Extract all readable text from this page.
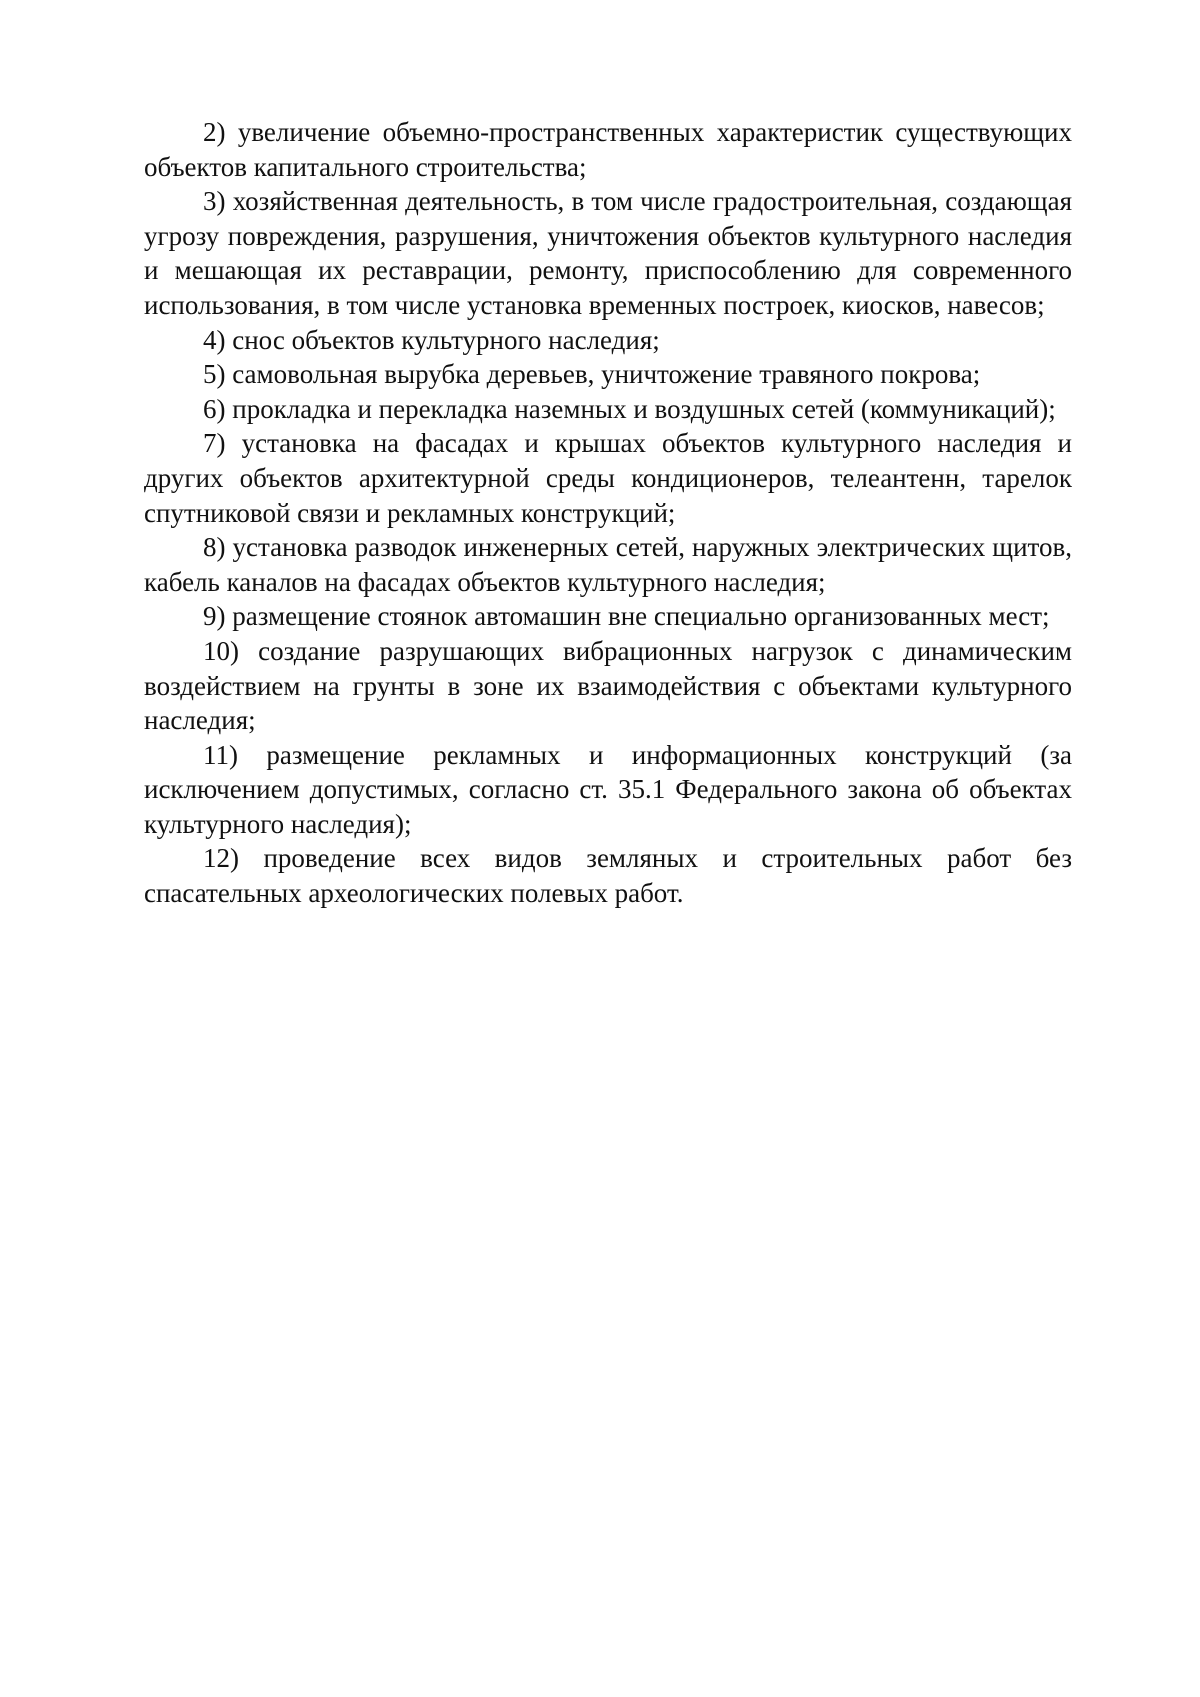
2) увеличение объемно-пространственных характеристик существующих объектов капитального строительства;

3) хозяйственная деятельность, в том числе градостроительная, создающая угрозу повреждения, разрушения, уничтожения объектов культурного наследия и мешающая их реставрации, ремонту, приспособлению для современного использования, в том числе установка временных построек, киосков, навесов;

4) снос объектов культурного наследия;

5) самовольная вырубка деревьев, уничтожение травяного покрова;

6) прокладка и перекладка наземных и воздушных сетей (коммуникаций);

7) установка на фасадах и крышах объектов культурного наследия и других объектов архитектурной среды кондиционеров, телеантенн, тарелок спутниковой связи и рекламных конструкций;

8) установка разводок инженерных сетей, наружных электрических щитов, кабель каналов на фасадах объектов культурного наследия;

9) размещение стоянок автомашин вне специально организованных мест;

10) создание разрушающих вибрационных нагрузок с динамическим воздействием на грунты в зоне их взаимодействия с объектами культурного наследия;

11) размещение рекламных и информационных конструкций (за исключением допустимых, согласно ст. 35.1 Федерального закона об объектах культурного наследия);

12) проведение всех видов земляных и строительных работ без спасательных археологических полевых работ.
